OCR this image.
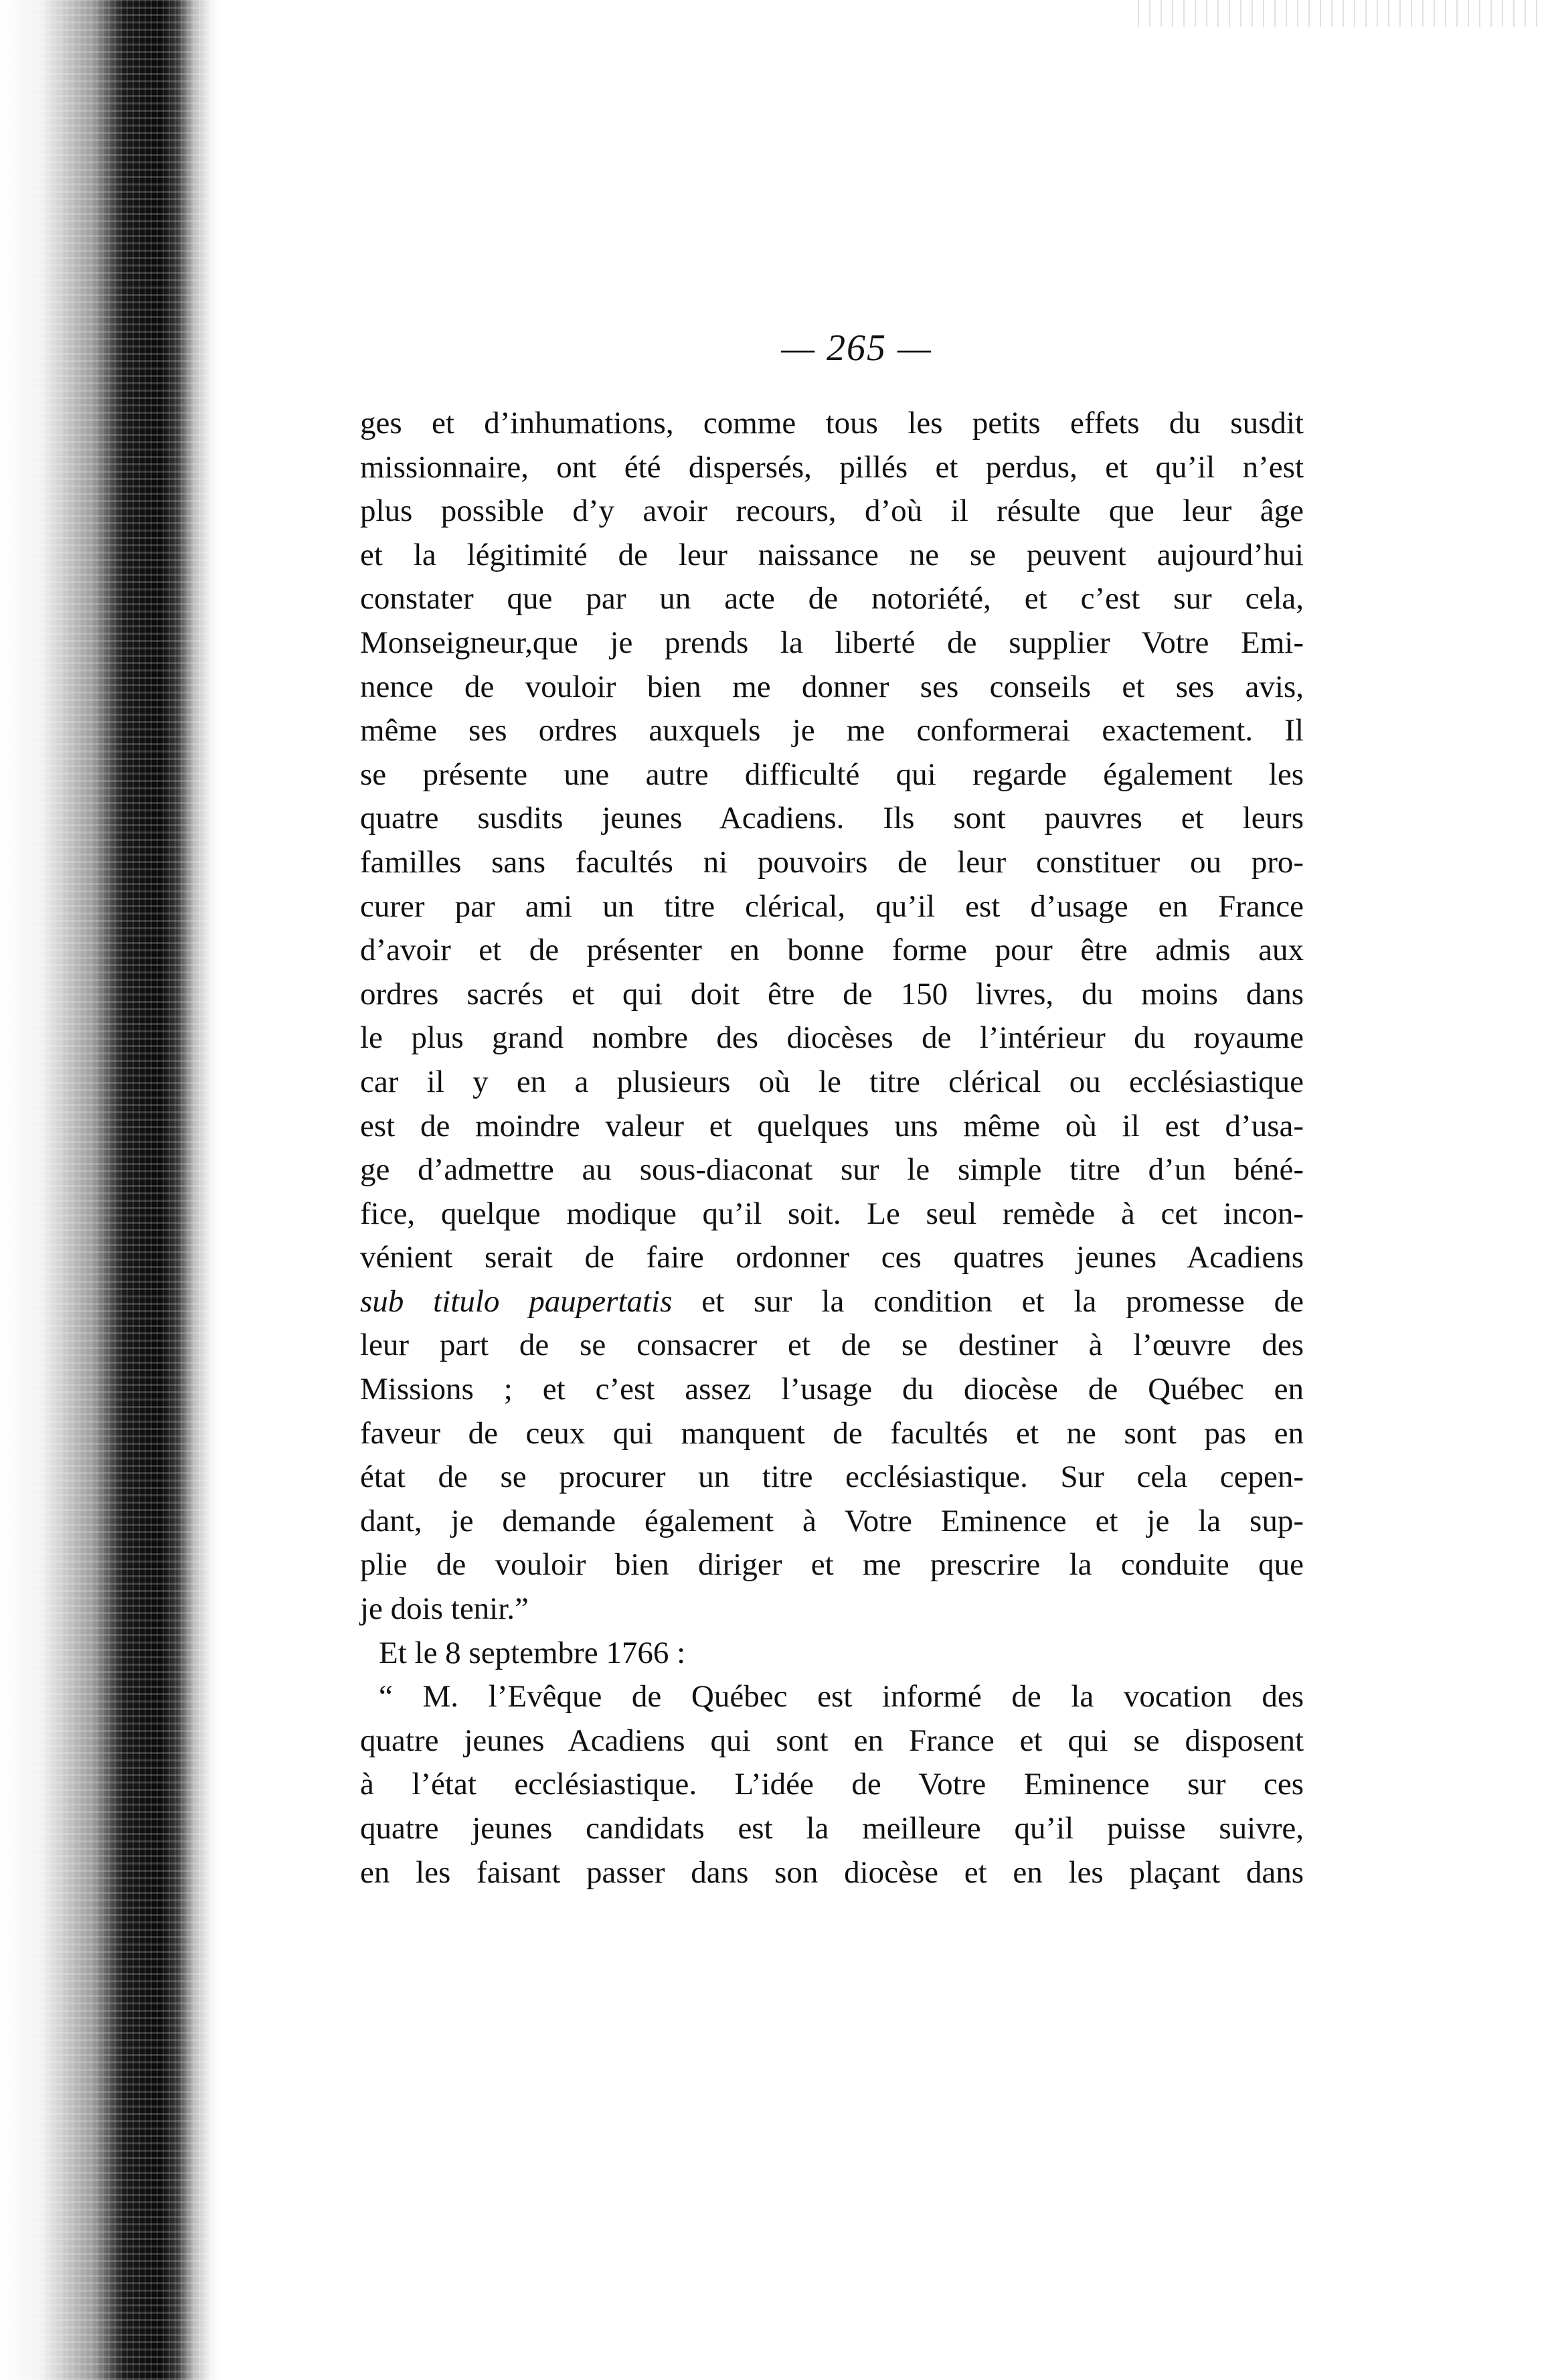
— 265 —
ges et d’inhumations, comme tous les petits effets du susdit
missionnaire, ont été dispersés, pillés et perdus, et qu’il n’est
plus possible d’y avoir recours, d’où il résulte que leur âge
et la légitimité de leur naissance ne se peuvent aujourd’hui
constater que par un acte de notoriété, et c’est sur cela,
Monseigneur,que je prends la liberté de supplier Votre Emi-
nence de vouloir bien me donner ses conseils et ses avis,
même ses ordres auxquels je me conformerai exactement. Il
se présente une autre difficulté qui regarde également les
quatre susdits jeunes Acadiens. Ils sont pauvres et leurs
familles sans facultés ni pouvoirs de leur constituer ou pro-
curer par ami un titre clérical, qu’il est d’usage en France
d’avoir et de présenter en bonne forme pour être admis aux
ordres sacrés et qui doit être de 150 livres, du moins dans
le plus grand nombre des diocèses de l’intérieur du royaume
car il y en a plusieurs où le titre clérical ou ecclésiastique
est de moindre valeur et quelques uns même où il est d’usa-
ge d’admettre au sous-diaconat sur le simple titre d’un béné-
fice, quelque modique qu’il soit. Le seul remède à cet incon-
vénient serait de faire ordonner ces quatres jeunes Acadiens
sub titulo paupertatis et sur la condition et la promesse de
leur part de se consacrer et de se destiner à l’œuvre des
Missions ; et c’est assez l’usage du diocèse de Québec en
faveur de ceux qui manquent de facultés et ne sont pas en
état de se procurer un titre ecclésiastique. Sur cela cepen-
dant, je demande également à Votre Eminence et je la sup-
plie de vouloir bien diriger et me prescrire la conduite que
je dois tenir.”
Et le 8 septembre 1766 :
“ M. l’Evêque de Québec est informé de la vocation des
quatre jeunes Acadiens qui sont en France et qui se disposent
à l’état ecclésiastique. L’idée de Votre Eminence sur ces
quatre jeunes candidats est la meilleure qu’il puisse suivre,
en les faisant passer dans son diocèse et en les plaçant dans
